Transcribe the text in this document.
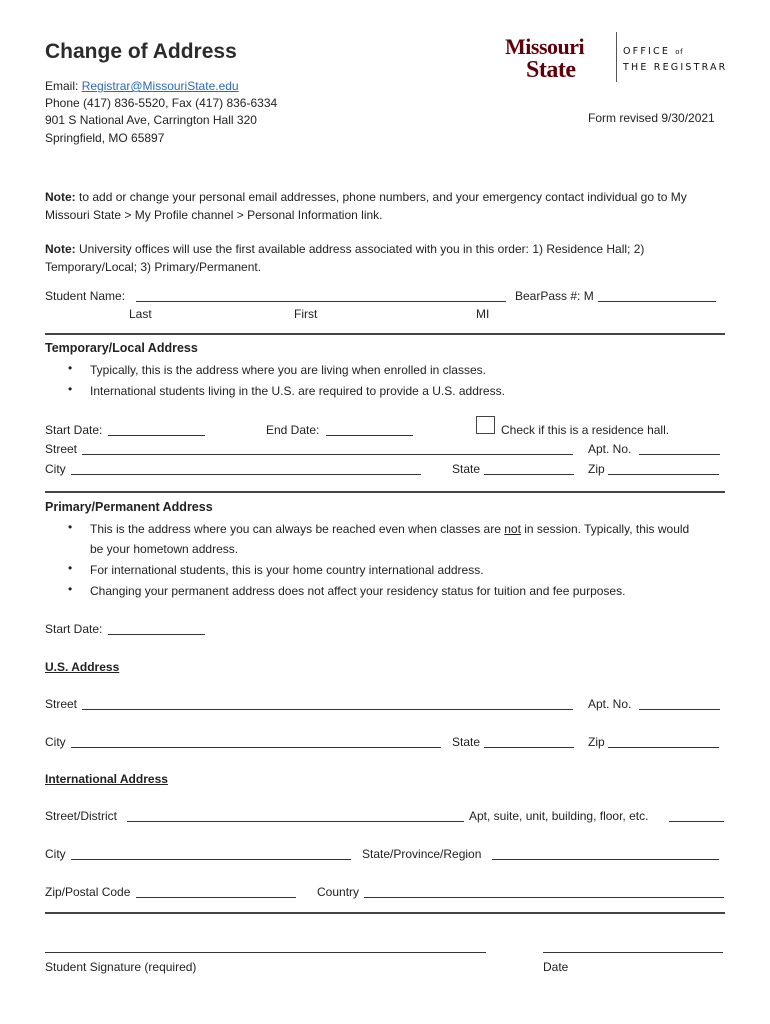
Change of Address
Email: Registrar@MissouriState.edu
Phone (417) 836-5520, Fax (417) 836-6334
901 S National Ave, Carrington Hall 320
Springfield, MO 65897
Form revised 9/30/2021
Missouri
State
OFFICE of
THE REGISTRAR
Note: to add or change your personal email addresses, phone numbers, and your emergency contact individual go to My Missouri State > My Profile channel > Personal Information link.
Note: University offices will use the first available address associated with you in this order: 1) Residence Hall; 2) Temporary/Local; 3) Primary/Permanent.
Student Name:	BearPass #: M
Last	First	MI
Temporary/Local Address
• Typically, this is the address where you are living when enrolled in classes.
• International students living in the U.S. are required to provide a U.S. address.
Start Date:	End Date:	Check if this is a residence hall.
Street	Apt. No.
City	State	Zip
Primary/Permanent Address
• This is the address where you can always be reached even when classes are not in session. Typically, this would
be your hometown address.
• For international students, this is your home country international address.
• Changing your permanent address does not affect your residency status for tuition and fee purposes.
Start Date:
U.S. Address
Street	Apt. No.
City	State	Zip
International Address
Street/District	Apt, suite, unit, building, floor, etc.
City	State/Province/Region
Zip/Postal Code	Country
Student Signature (required)	Date
